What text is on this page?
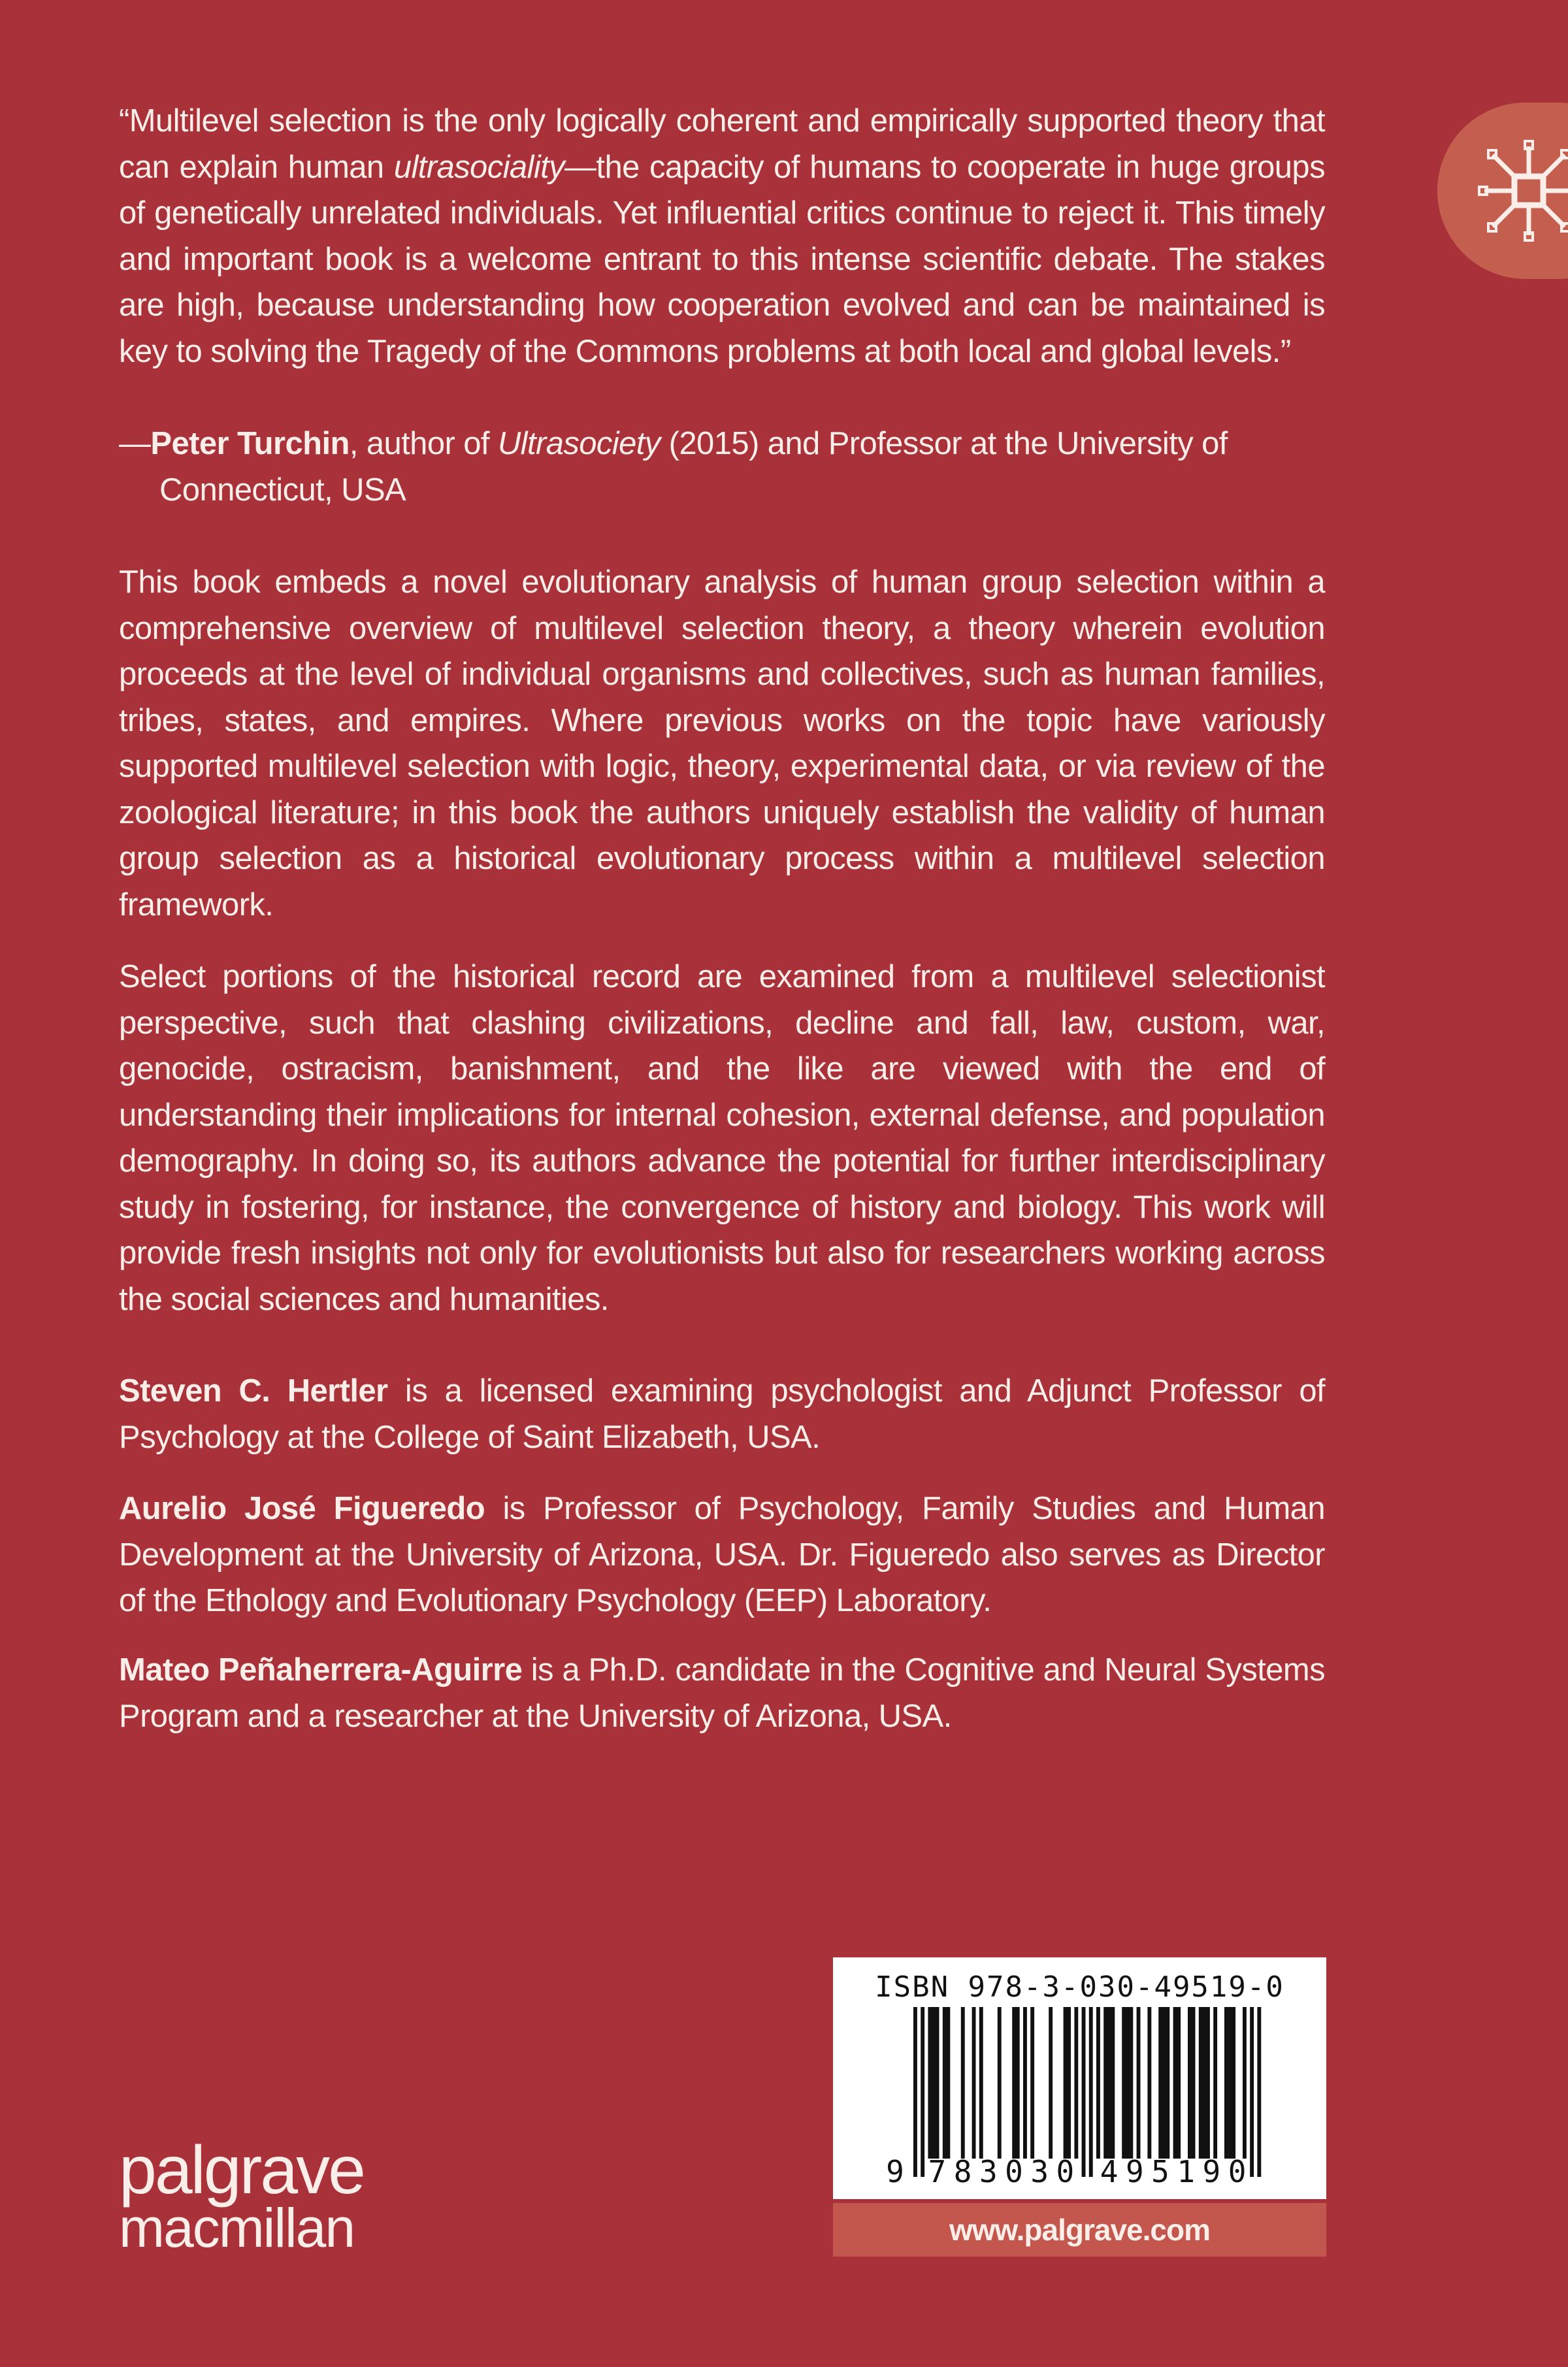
“Multilevel selection is the only logically coherent and empirically supported theory that can explain human ultrasociality—the capacity of humans to cooperate in huge groups of genetically unrelated individuals. Yet influential critics continue to reject it. This timely and important book is a welcome entrant to this intense scientific debate. The stakes are high, because understanding how cooperation evolved and can be maintained is key to solving the Tragedy of the Commons problems at both local and global levels.”

—Peter Turchin, author of Ultrasociety (2015) and Professor at the University of Connecticut, USA

This book embeds a novel evolutionary analysis of human group selection within a comprehensive overview of multilevel selection theory, a theory wherein evolution proceeds at the level of individual organisms and collectives, such as human families, tribes, states, and empires. Where previous works on the topic have variously supported multilevel selection with logic, theory, experimental data, or via review of the zoological literature; in this book the authors uniquely establish the validity of human group selection as a historical evolutionary process within a multilevel selection framework.

Select portions of the historical record are examined from a multilevel selectionist perspective, such that clashing civilizations, decline and fall, law, custom, war, genocide, ostracism, banishment, and the like are viewed with the end of understanding their implications for internal cohesion, external defense, and population demography. In doing so, its authors advance the potential for further interdisciplinary study in fostering, for instance, the convergence of history and biology. This work will provide fresh insights not only for evolutionists but also for researchers working across the social sciences and humanities.

Steven C. Hertler is a licensed examining psychologist and Adjunct Professor of Psychology at the College of Saint Elizabeth, USA.

Aurelio José Figueredo is Professor of Psychology, Family Studies and Human Development at the University of Arizona, USA. Dr. Figueredo also serves as Director of the Ethology and Evolutionary Psychology (EEP) Laboratory.

Mateo Peñaherrera-Aguirre is a Ph.D. candidate in the Cognitive and Neural Systems Program and a researcher at the University of Arizona, USA.

palgrave
macmillan
ISBN 978-3-030-49519-0
9 7 8 3 0 3 0 4 9 5 1 9 0
www.palgrave.com
